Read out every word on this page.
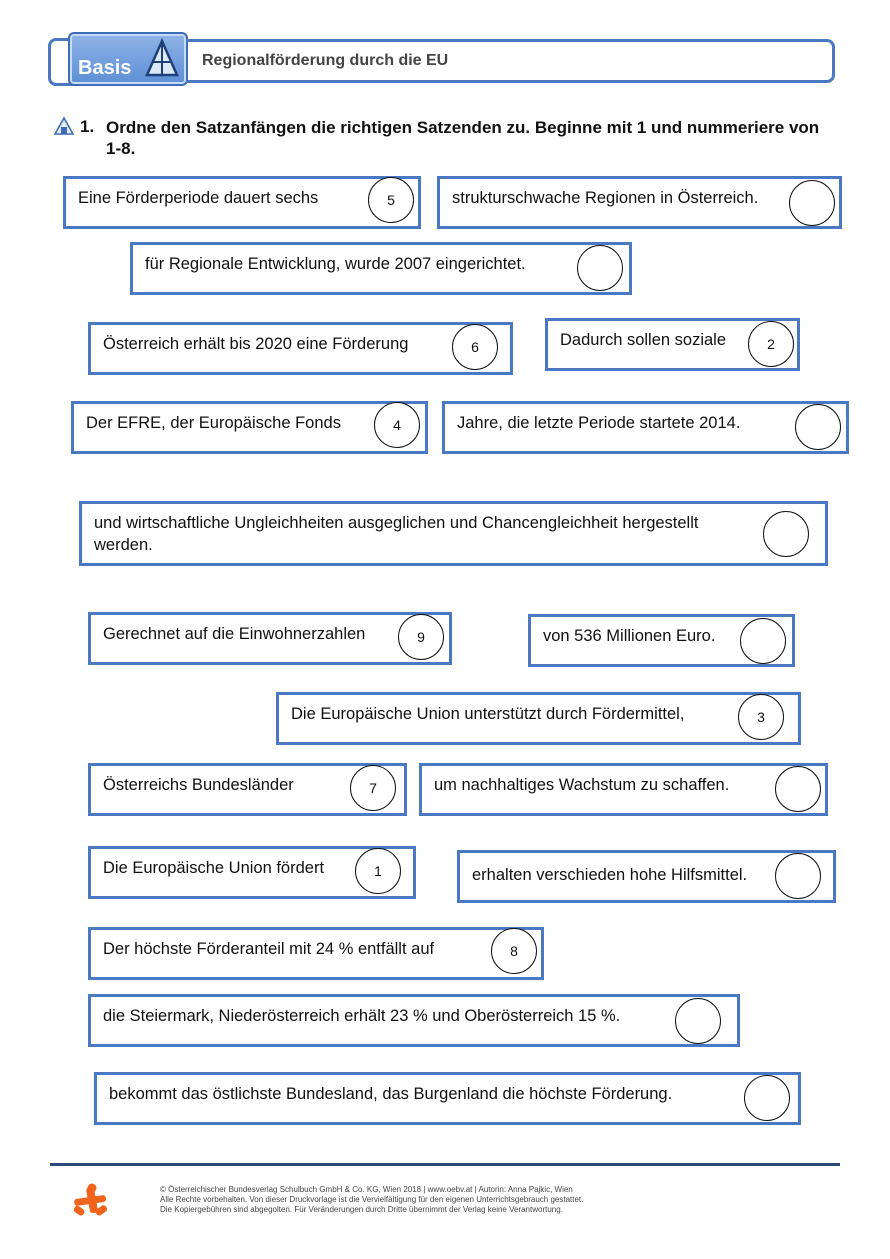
Basis	Regionalförderung durch die EU
1. Ordne den Satzanfängen die richtigen Satzenden zu. Beginne mit 1 und nummeriere von 1-8.
Eine Förderperiode dauert sechs	5	strukturschwache Regionen in Österreich.
für Regionale Entwicklung, wurde 2007 eingerichtet.
Österreich erhält bis 2020 eine Förderung	6	Dadurch sollen soziale	2
Der EFRE, der Europäische Fonds	4	Jahre, die letzte Periode startete 2014.
und wirtschaftliche Ungleichheiten ausgeglichen und Chancengleichheit hergestellt werden.
Gerechnet auf die Einwohnerzahlen	9	von 536 Millionen Euro.
Die Europäische Union unterstützt durch Fördermittel,	3
Österreichs Bundesländer	7	um nachhaltiges Wachstum zu schaffen.
Die Europäische Union fördert	1	erhalten verschieden hohe Hilfsmittel.
Der höchste Förderanteil mit 24 % entfällt auf	8
die Steiermark, Niederösterreich erhält 23 % und Oberösterreich 15 %.
bekommt das östlichste Bundesland, das Burgenland die höchste Förderung.
© Österreichischer Bundesverlag Schulbuch GmbH & Co. KG, Wien 2018 | www.oebv.at | Autorin: Anna Pajkic, Wien
Alle Rechte vorbehalten. Von dieser Druckvorlage ist die Vervielfältigung für den eigenen Unterrichtsgebrauch gestattet.
Die Kopiergebühren sind abgegolten. Für Veränderungen durch Dritte übernimmt der Verlag keine Verantwortung.
